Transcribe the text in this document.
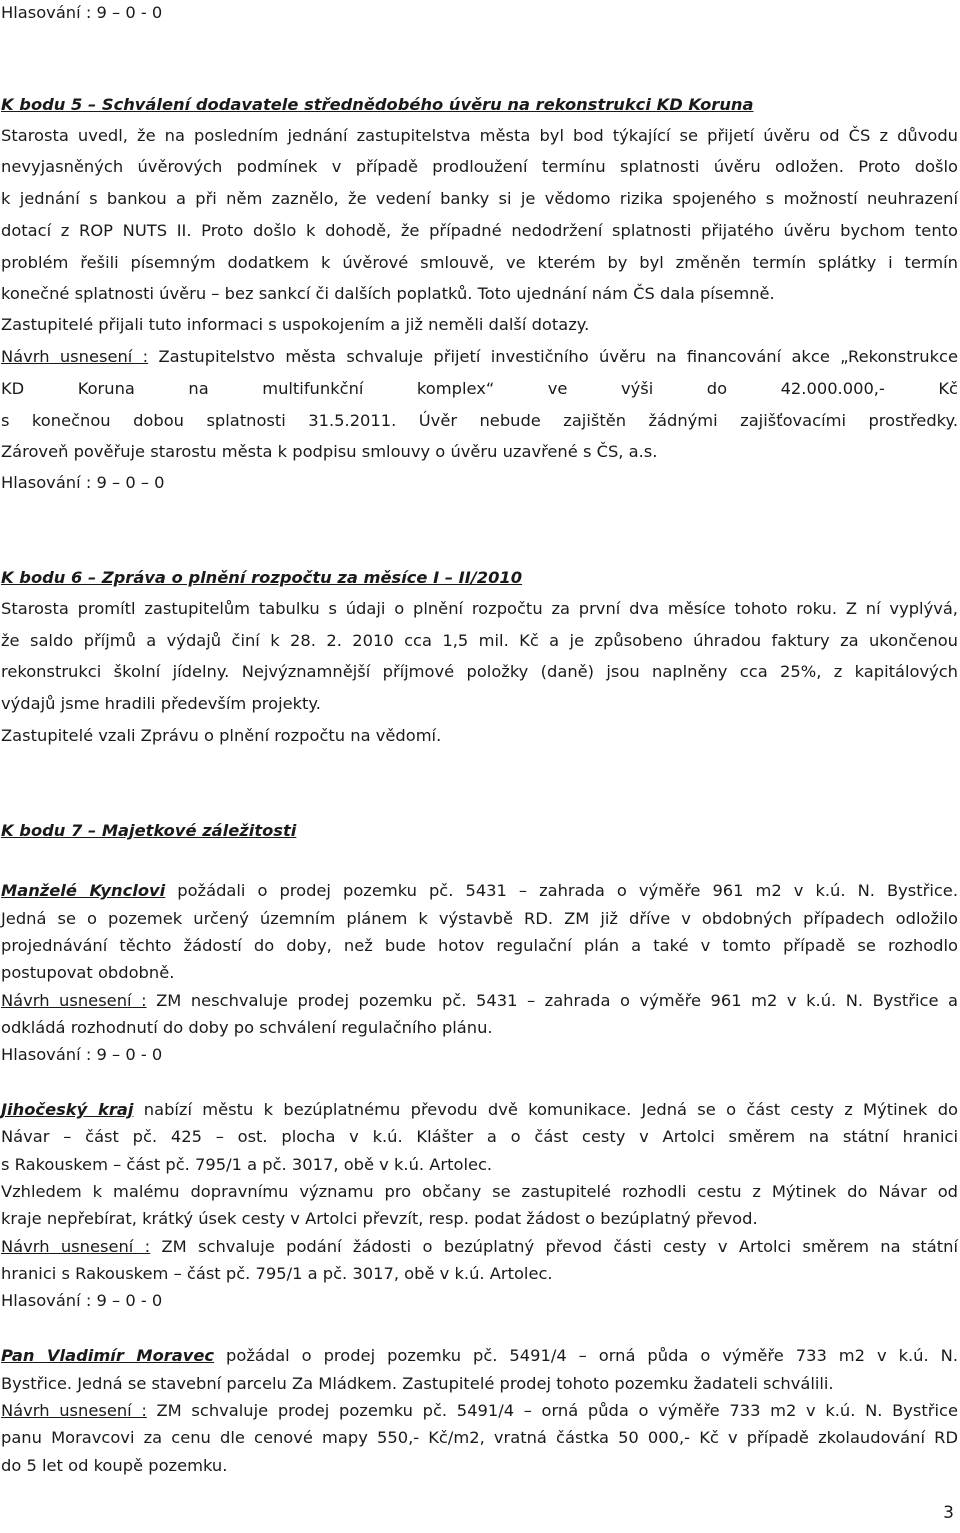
Hlasování : 9 – 0 - 0
K bodu 5 – Schválení dodavatele střednědobého úvěru na rekonstrukci KD Koruna
Starosta uvedl, že na posledním jednání zastupitelstva města byl bod týkající se přijetí úvěru od ČS z důvodu
nevyjasněných úvěrových podmínek v případě prodloužení termínu splatnosti úvěru odložen. Proto došlo
k jednání s bankou a při něm zaznělo, že vedení banky si je vědomo rizika spojeného s možností neuhrazení
dotací z ROP NUTS II. Proto došlo k dohodě, že případné nedodržení splatnosti přijatého úvěru bychom tento
problém řešili písemným dodatkem k úvěrové smlouvě, ve kterém by byl změněn termín splátky i termín
konečné splatnosti úvěru – bez sankcí či dalších poplatků. Toto ujednání nám ČS dala písemně.
Zastupitelé přijali tuto informaci s uspokojením a již neměli další dotazy.
Návrh usnesení : Zastupitelstvo města schvaluje přijetí investičního úvěru na financování akce „Rekonstrukce
KD Koruna na multifunkční komplex“ ve výši do 42.000.000,- Kč
s konečnou dobou splatnosti 31.5.2011. Úvěr nebude zajištěn žádnými zajišťovacími prostředky.
Zároveň pověřuje starostu města k podpisu smlouvy o úvěru uzavřené s ČS, a.s.
Hlasování : 9 – 0 – 0
K bodu 6 – Zpráva o plnění rozpočtu za měsíce I – II/2010
Starosta promítl zastupitelům tabulku s údaji o plnění rozpočtu za první dva měsíce tohoto roku. Z ní vyplývá,
že saldo příjmů a výdajů činí k 28. 2. 2010 cca 1,5 mil. Kč a je způsobeno úhradou faktury za ukončenou
rekonstrukci školní jídelny. Nejvýznamnější příjmové položky (daně) jsou naplněny cca 25%, z kapitálových
výdajů jsme hradili především projekty.
Zastupitelé vzali Zprávu o plnění rozpočtu na vědomí.
K bodu 7 – Majetkové záležitosti
Manželé Kynclovi požádali o prodej pozemku pč. 5431 – zahrada o výměře 961 m2 v k.ú. N. Bystřice.
Jedná se o pozemek určený územním plánem k výstavbě RD. ZM již dříve v obdobných případech odložilo
projednávání těchto žádostí do doby, než bude hotov regulační plán a také v tomto případě se rozhodlo
postupovat obdobně.
Návrh usnesení : ZM neschvaluje prodej pozemku pč. 5431 – zahrada o výměře 961 m2 v k.ú. N. Bystřice a
odkládá rozhodnutí do doby po schválení regulačního plánu.
Hlasování : 9 – 0 - 0
Jihočeský kraj nabízí městu k bezúplatnému převodu dvě komunikace. Jedná se o část cesty z Mýtinek do
Návar – část pč. 425 – ost. plocha v k.ú. Klášter a o část cesty v Artolci směrem na státní hranici
s Rakouskem – část pč. 795/1 a pč. 3017, obě v k.ú. Artolec.
Vzhledem k malému dopravnímu významu pro občany se zastupitelé rozhodli cestu z Mýtinek do Návar od
kraje nepřebírat, krátký úsek cesty v Artolci převzít, resp. podat žádost o bezúplatný převod.
Návrh usnesení : ZM schvaluje podání žádosti o bezúplatný převod části cesty v Artolci směrem na státní
hranici s Rakouskem – část pč. 795/1 a pč. 3017, obě v k.ú. Artolec.
Hlasování : 9 – 0 - 0
Pan Vladimír Moravec požádal o prodej pozemku pč. 5491/4 – orná půda o výměře 733 m2 v k.ú. N.
Bystřice. Jedná se stavební parcelu Za Mládkem. Zastupitelé prodej tohoto pozemku žadateli schválili.
Návrh usnesení : ZM schvaluje prodej pozemku pč. 5491/4 – orná půda o výměře 733 m2 v k.ú. N. Bystřice
panu Moravcovi za cenu dle cenové mapy 550,- Kč/m2, vratná částka 50 000,- Kč v případě zkolaudování RD
do 5 let od koupě pozemku.
3
